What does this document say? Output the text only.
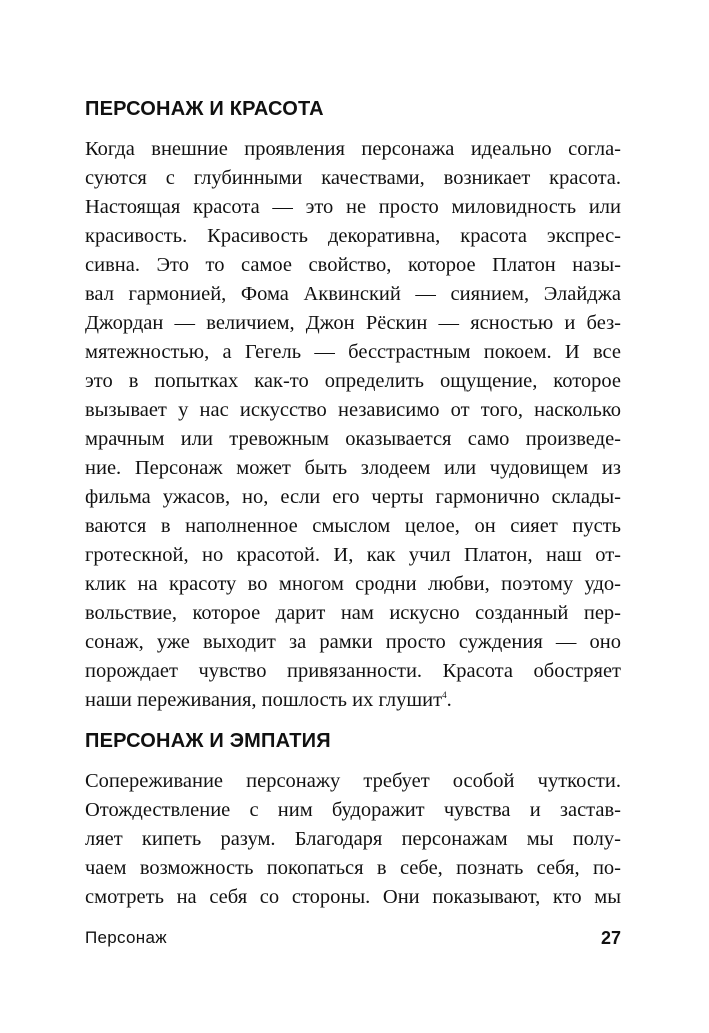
ПЕРСОНАЖ И КРАСОТА

Когда внешние проявления персонажа идеально согла-
суются с глубинными качествами, возникает красота.
Настоящая красота — это не просто миловидность или
красивость. Красивость декоративна, красота экспрес-
сивна. Это то самое свойство, которое Платон назы-
вал гармонией, Фома Аквинский — сиянием, Элайджа
Джордан — величием, Джон Рёскин — ясностью и без-
мятежностью, а Гегель — бесстрастным покоем. И все
это в попытках как-то определить ощущение, которое
вызывает у нас искусство независимо от того, насколько
мрачным или тревожным оказывается само произведе-
ние. Персонаж может быть злодеем или чудовищем из
фильма ужасов, но, если его черты гармонично склады-
ваются в наполненное смыслом целое, он сияет пусть
гротескной, но красотой. И, как учил Платон, наш от-
клик на красоту во многом сродни любви, поэтому удо-
вольствие, которое дарит нам искусно созданный пер-
сонаж, уже выходит за рамки просто суждения — оно
порождает чувство привязанности. Красота обостряет
наши переживания, пошлость их глушит$^4$.

ПЕРСОНАЖ И ЭМПАТИЯ

Сопереживание персонажу требует особой чуткости.
Отождествление с ним будоражит чувства и застав-
ляет кипеть разум. Благодаря персонажам мы полу-
чаем возможность покопаться в себе, познать себя, по-
смотреть на себя со стороны. Они показывают, кто мы

Персонаж	27
